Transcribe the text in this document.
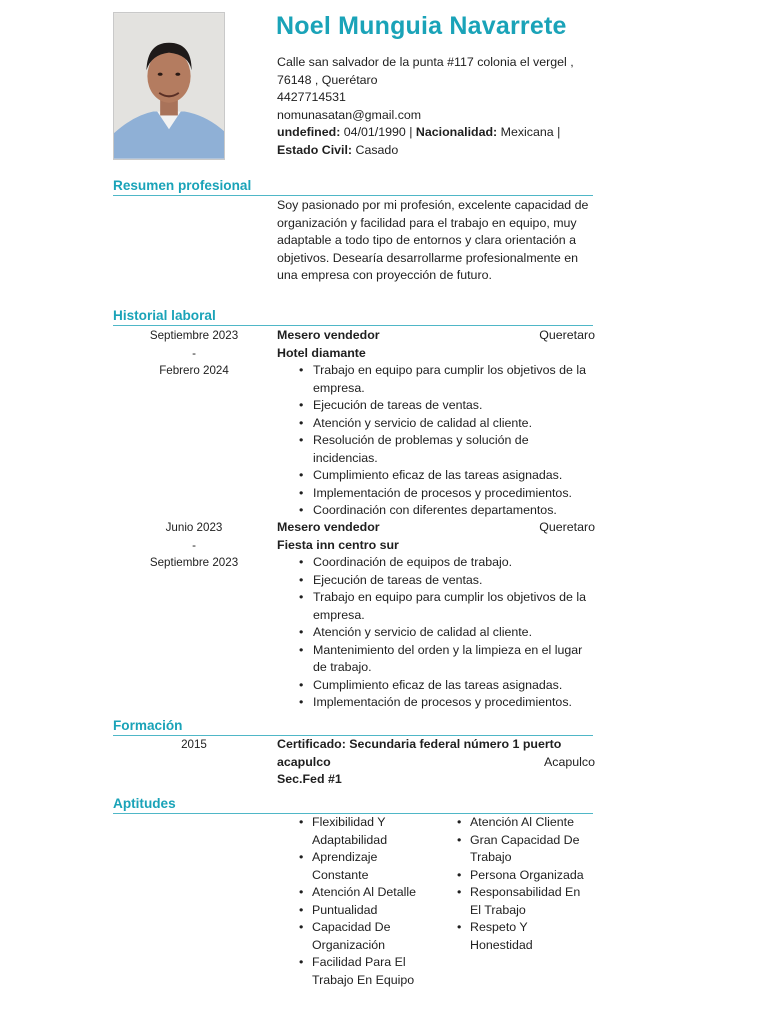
Noel Munguia Navarrete
Calle san salvador de la punta #117 colonia el vergel ,
76148 , Querétaro
4427714531
nomunasatan@gmail.com
undefined: 04/01/1990 | Nacionalidad: Mexicana |
Estado Civil: Casado
Resumen profesional
Soy pasionado por mi profesión, excelente capacidad de organización y facilidad para el trabajo en equipo, muy adaptable a todo tipo de entornos y clara orientación a objetivos. Desearía desarrollarme profesionalmente en una empresa con proyección de futuro.
Historial laboral
Septiembre 2023
-
Febrero 2024
Mesero vendedor	Queretaro
Hotel diamante
• Trabajo en equipo para cumplir los objetivos de la empresa.
• Ejecución de tareas de ventas.
• Atención y servicio de calidad al cliente.
• Resolución de problemas y solución de incidencias.
• Cumplimiento eficaz de las tareas asignadas.
• Implementación de procesos y procedimientos.
• Coordinación con diferentes departamentos.
Junio 2023
-
Septiembre 2023
Mesero vendedor	Queretaro
Fiesta inn centro sur
• Coordinación de equipos de trabajo.
• Ejecución de tareas de ventas.
• Trabajo en equipo para cumplir los objetivos de la empresa.
• Atención y servicio de calidad al cliente.
• Mantenimiento del orden y la limpieza en el lugar de trabajo.
• Cumplimiento eficaz de las tareas asignadas.
• Implementación de procesos y procedimientos.
Formación
2015	Certificado: Secundaria federal número 1 puerto
acapulco	Acapulco
Sec.Fed #1
Aptitudes
• Flexibilidad Y Adaptabilidad
• Aprendizaje Constante
• Atención Al Detalle
• Puntualidad
• Capacidad De Organización
• Facilidad Para El Trabajo En Equipo
• Atención Al Cliente
• Gran Capacidad De Trabajo
• Persona Organizada
• Responsabilidad En El Trabajo
• Respeto Y Honestidad
